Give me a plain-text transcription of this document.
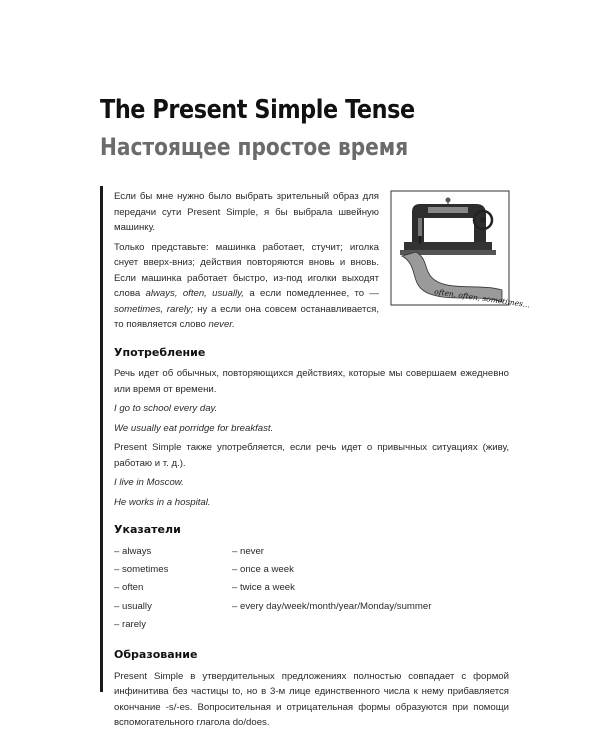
The Present Simple Tense
Настоящее простое время
often, often, sometimes...

Если бы мне нужно было выбрать зрительный образ для передачи сути Present Simple, я бы выбрала швейную машинку.

Только представьте: машинка работает, стучит; иголка снует вверх-вниз; действия повторяются вновь и вновь. Если машинка работает быстро, из-под иголки выходят слова always, often, usually, а если помедленнее, то — sometimes, rarely; ну а если она совсем останавливается, то появляется слово never.

Употребление

Речь идет об обычных, повторяющихся действиях, которые мы совершаем ежедневно или время от времени.

I go to school every day.

We usually eat porridge for breakfast.

Present Simple также употребляется, если речь идет о привычных ситуациях (живу, работаю и т. д.).

I live in Moscow.

He works in a hospital.

Указатели
– always
– sometimes
– often
– usually
– rarely
– never
– once a week
– twice a week
– every day/week/month/year/Monday/summer
Образование

Present Simple в утвердительных предложениях полностью совпадает с формой инфинитива без частицы to, но в 3-м лице единственного числа к нему прибавляется окончание -s/-es. Вопросительная и отрицательная формы образуются при помощи вспомогательного глагола do/does.
